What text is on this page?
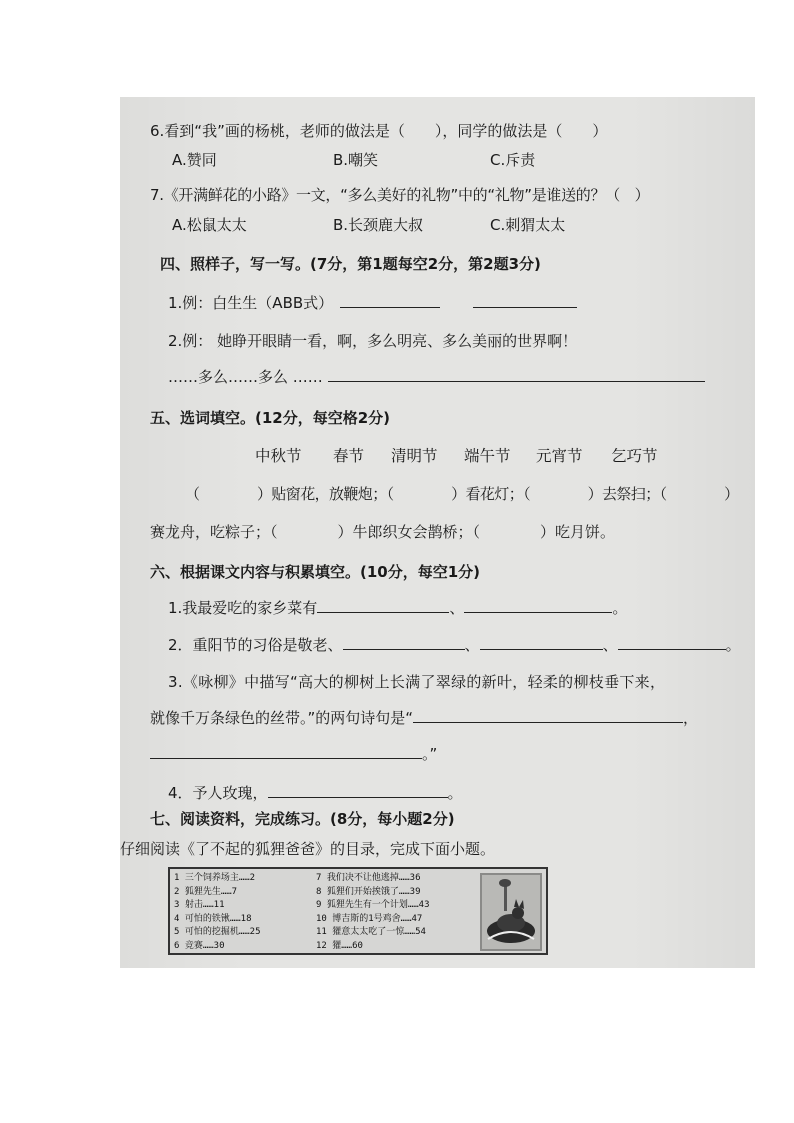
6.看到“我”画的杨桃，老师的做法是（　　），同学的做法是（　　）
A.赞同	B.嘲笑	C.斥责
7.《开满鲜花的小路》一文，“多么美好的礼物”中的“礼物”是谁送的？（　）
A.松鼠太太	B.长颈鹿大叔	C.刺猬太太
四、照样子，写一写。(7分，第1题每空2分，第2题3分)
1.例：白生生（ABB式）
2.例： 她睁开眼睛一看，啊，多么明亮、多么美丽的世界啊！
……多么……多么 ……
五、选词填空。(12分，每空格2分)
中秋节 春节 清明节 端午节 元宵节 乞巧节
（　　　　）贴窗花，放鞭炮；（　　　　）看花灯；（　　　　）去祭扫；（　　　　）
赛龙舟，吃粽子；（　　　　）牛郎织女会鹊桥；（　　　　）吃月饼。
六、根据课文内容与积累填空。(10分，每空1分)
1.我最爱吃的家乡菜有	、	。
2．重阳节的习俗是敬老、	、	、	。
3.《咏柳》中描写“高大的柳树上长满了翠绿的新叶，轻柔的柳枝垂下来，
就像千万条绿色的丝带。”的两句诗句是“	，
。”
4．予人玫瑰，	。
七、阅读资料，完成练习。(8分，每小题2分)
仔细阅读《了不起的狐狸爸爸》的目录，完成下面小题。
1 三个饲养场主……2
2 狐狸先生……7
3 射击……11
4 可怕的铁锹……18
5 可怕的挖掘机……25
6 竞赛……30
7 我们决不让他逃掉……36
8 狐狸们开始挨饿了……39
9 狐狸先生有一个计划……43
10 博吉斯的1号鸡舍……47
11 獾意太太吃了一惊……54
12 獾……60
